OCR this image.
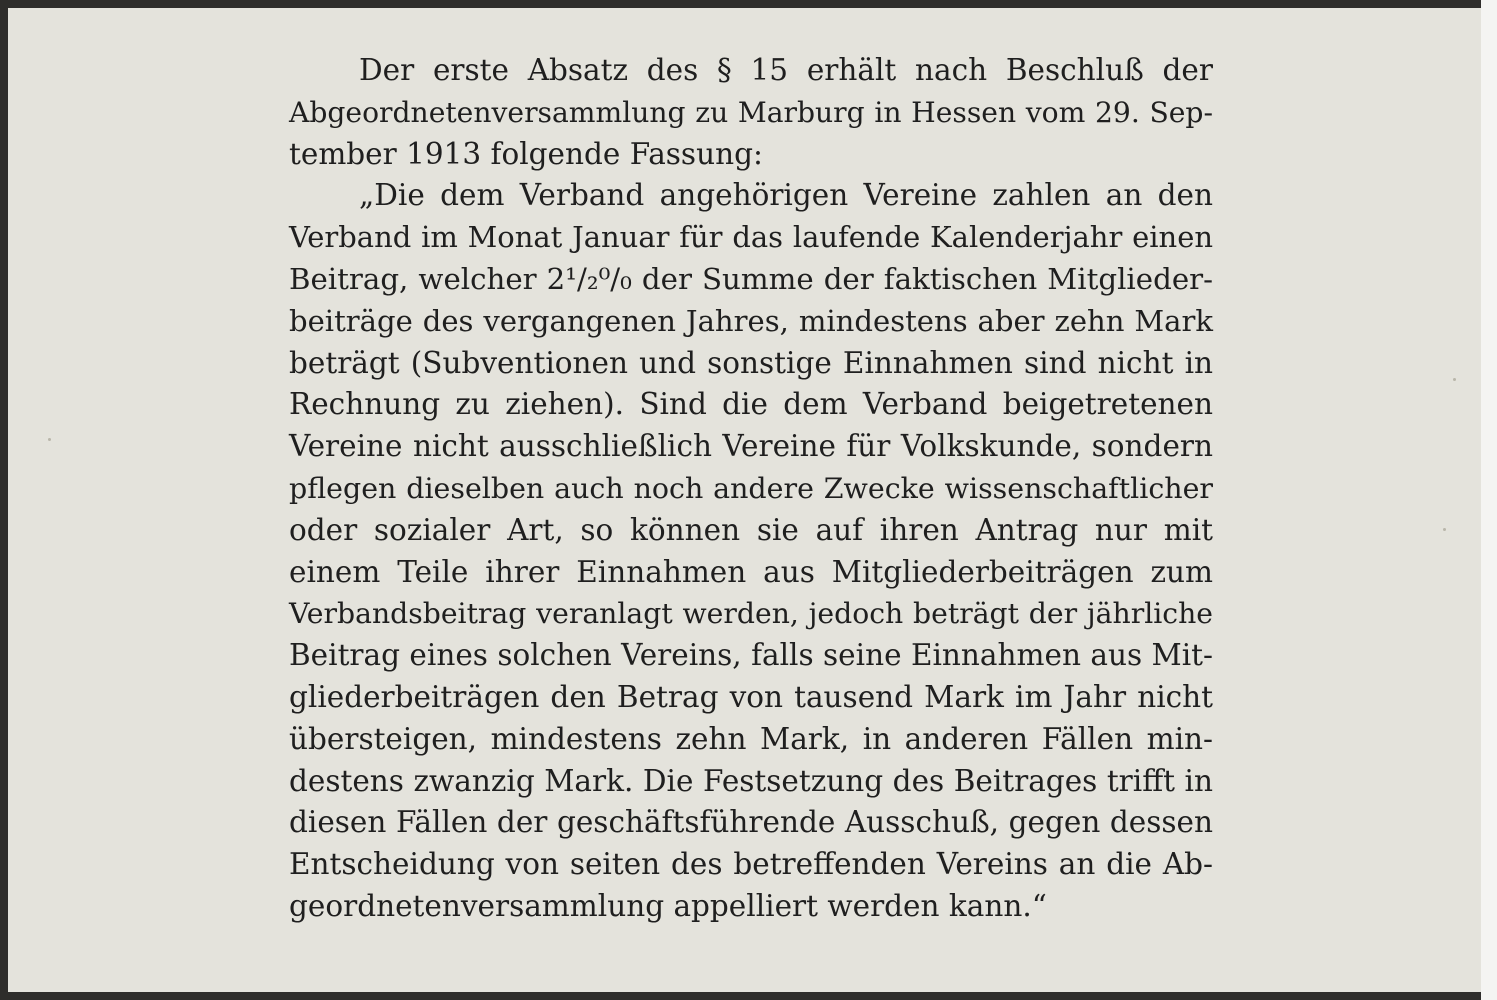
Der erste Absatz des § 15 erhält nach Beschluß der
Abgeordnetenversammlung zu Marburg in Hessen vom 29. Sep-
tember 1913 folgende Fassung:
„Die dem Verband angehörigen Vereine zahlen an den
Verband im Monat Januar für das laufende Kalenderjahr einen
Beitrag, welcher 2¹/₂⁰/₀ der Summe der faktischen Mitglieder-
beiträge des vergangenen Jahres, mindestens aber zehn Mark
beträgt (Subventionen und sonstige Einnahmen sind nicht in
Rechnung zu ziehen). Sind die dem Verband beigetretenen
Vereine nicht ausschließlich Vereine für Volkskunde, sondern
pflegen dieselben auch noch andere Zwecke wissenschaftlicher
oder sozialer Art, so können sie auf ihren Antrag nur mit
einem Teile ihrer Einnahmen aus Mitgliederbeiträgen zum
Verbandsbeitrag veranlagt werden, jedoch beträgt der jährliche
Beitrag eines solchen Vereins, falls seine Einnahmen aus Mit-
gliederbeiträgen den Betrag von tausend Mark im Jahr nicht
übersteigen, mindestens zehn Mark, in anderen Fällen min-
destens zwanzig Mark. Die Festsetzung des Beitrages trifft in
diesen Fällen der geschäftsführende Ausschuß, gegen dessen
Entscheidung von seiten des betreffenden Vereins an die Ab-
geordnetenversammlung appelliert werden kann.“
